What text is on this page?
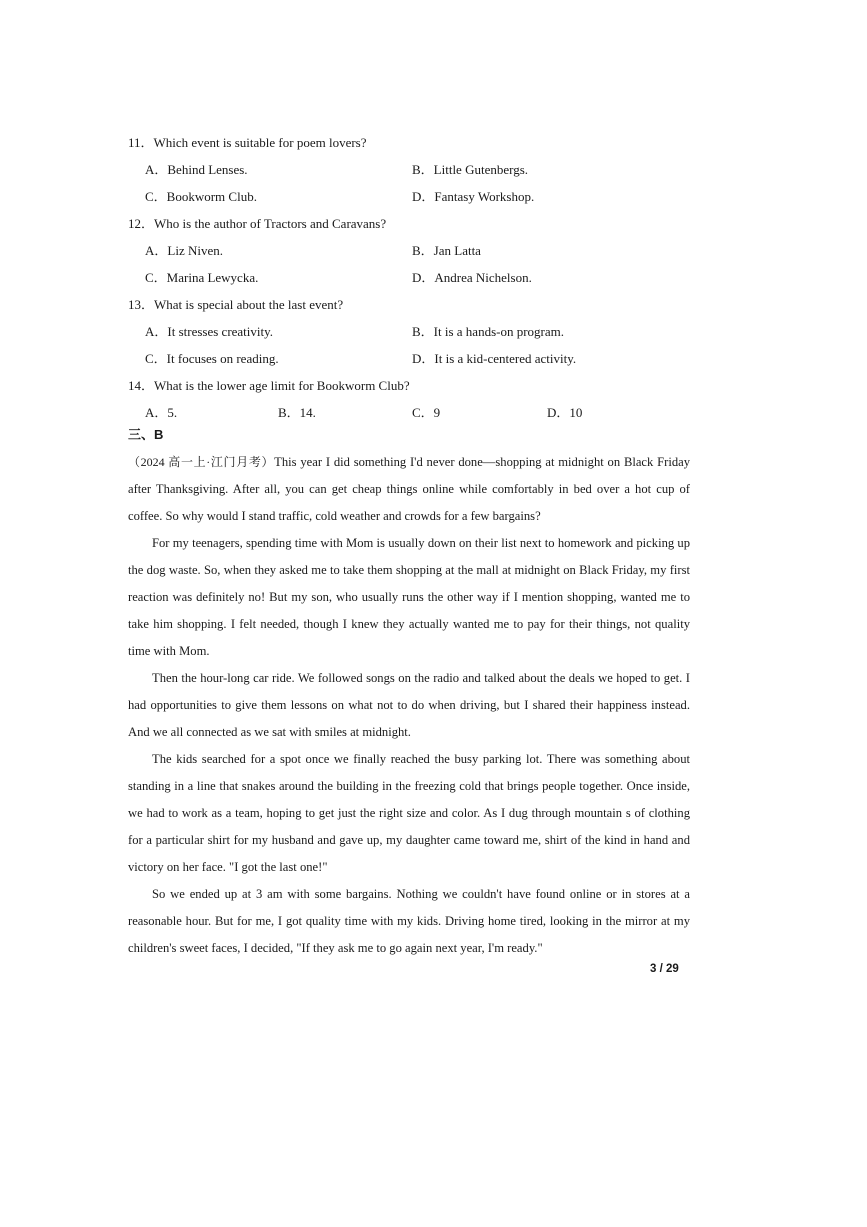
11．Which event is suitable for poem lovers?
A．Behind Lenses.	B．Little Gutenbergs.
C．Bookworm Club.	D．Fantasy Workshop.
12．Who is the author of Tractors and Caravans?
A．Liz Niven.	B．Jan Latta
C．Marina Lewycka.	D．Andrea Nichelson.
13．What is special about the last event?
A．It stresses creativity.	B．It is a hands-on program.
C．It focuses on reading.	D．It is a kid-centered activity.
14．What is the lower age limit for Bookworm Club?
A．5.	B．14.	C．9	D．10
三、B

（2024 高一上·江门月考）This year I did something I'd never done—shopping at midnight on Black Friday after Thanksgiving. After all, you can get cheap things online while comfortably in bed over a hot cup of coffee. So why would I stand traffic, cold weather and crowds for a few bargains?

For my teenagers, spending time with Mom is usually down on their list next to homework and picking up the dog waste. So, when they asked me to take them shopping at the mall at midnight on Black Friday, my first reaction was definitely no! But my son, who usually runs the other way if I mention shopping, wanted me to take him shopping. I felt needed, though I knew they actually wanted me to pay for their things, not quality time with Mom.

Then the hour-long car ride. We followed songs on the radio and talked about the deals we hoped to get. I had opportunities to give them lessons on what not to do when driving, but I shared their happiness instead. And we all connected as we sat with smiles at midnight.

The kids searched for a spot once we finally reached the busy parking lot. There was something about standing in a line that snakes around the building in the freezing cold that brings people together. Once inside, we had to work as a team, hoping to get just the right size and color. As I dug through mountain s of clothing for a particular shirt for my husband and gave up, my daughter came toward me, shirt of the kind in hand and victory on her face. "I got the last one!"

So we ended up at 3 am with some bargains. Nothing we couldn't have found online or in stores at a reasonable hour. But for me, I got quality time with my kids. Driving home tired, looking in the mirror at my children's sweet faces, I decided, "If they ask me to go again next year, I'm ready."

3 / 29
